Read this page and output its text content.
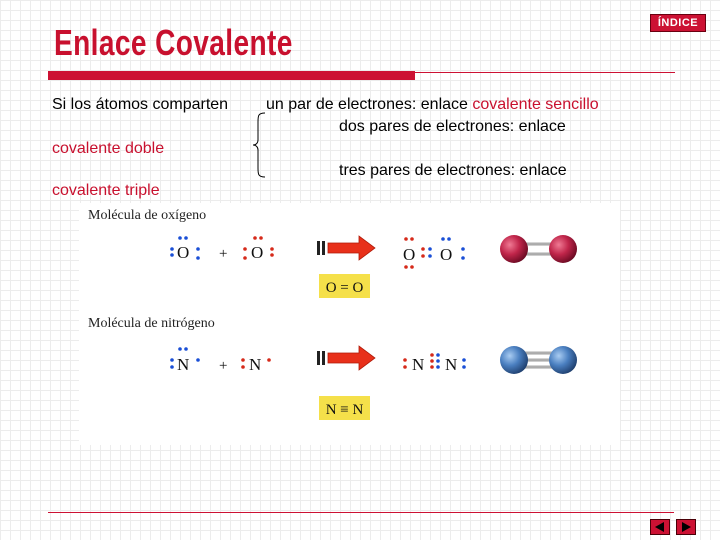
Enlace Covalente	ÍNDICE
Si los átomos comparten un par de electrones: enlace covalente sencillo
dos pares de electrones: enlace
covalente doble
tres pares de electrones: enlace
covalente triple
Molécula de oxígeno
Molécula de nitrógeno
O + O	O O
O = O
N + N	N N
N ≡ N
